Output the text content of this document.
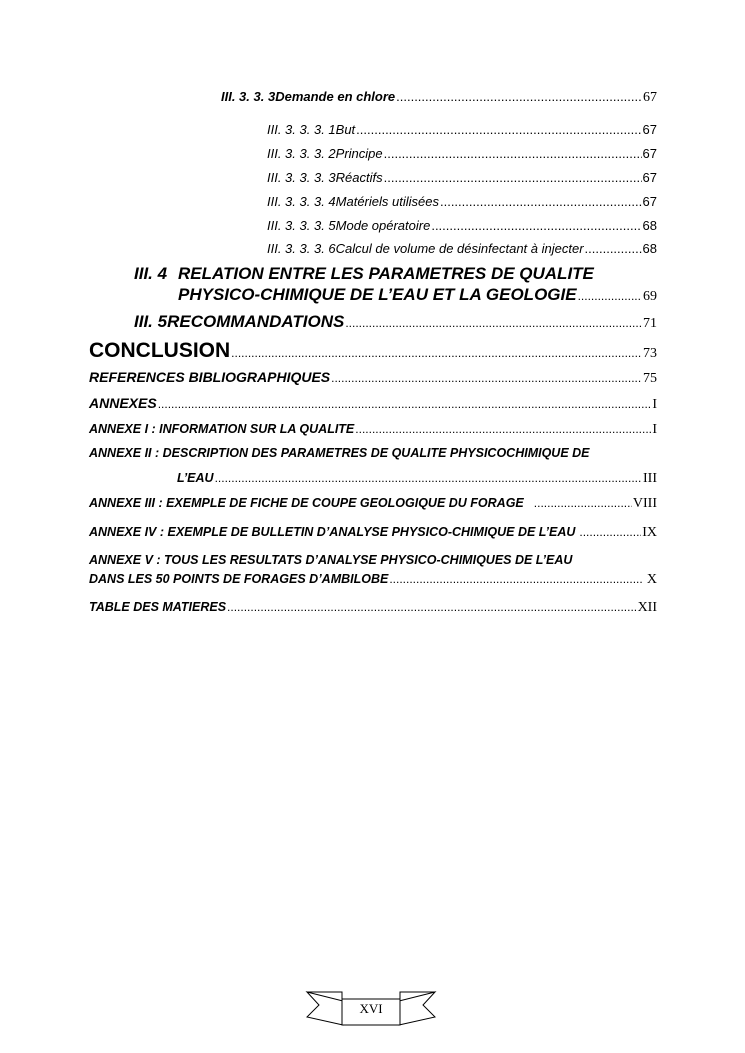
III. 3. 3. 3 Demande en chlore .....	67
III. 3. 3. 3. 1 But .....	67
III. 3. 3. 3. 2 Principe .....	67
III. 3. 3. 3. 3 Réactifs .....	67
III. 3. 3. 3. 4 Matériels utilisées .....	67
III. 3. 3. 3. 5 Mode opératoire .....	68
III. 3. 3. 3. 6 Calcul de volume de désinfectant à injecter .....	68
III. 4 RELATION ENTRE LES PARAMETRES DE QUALITE
PHYSICO-CHIMIQUE DE L’EAU ET LA GEOLOGIE .....	69
III. 5 RECOMMANDATIONS .....	71
CONCLUSION .....	73
REFERENCES BIBLIOGRAPHIQUES .....	75
ANNEXES .....	I
ANNEXE I : INFORMATION SUR LA QUALITE .....	I
ANNEXE II : DESCRIPTION DES PARAMETRES DE QUALITE PHYSICOCHIMIQUE DE
L’EAU .....	III
ANNEXE III : EXEMPLE DE FICHE DE COUPE GEOLOGIQUE DU FORAGE .....	VIII
ANNEXE IV : EXEMPLE DE BULLETIN D’ANALYSE PHYSICO-CHIMIQUE DE L’EAU .....	IX
ANNEXE V : TOUS LES RESULTATS D’ANALYSE PHYSICO-CHIMIQUES DE L’EAU
DANS LES 50 POINTS DE FORAGES D’AMBILOBE .....	X
TABLE DES MATIERES .....	XII
XVI
